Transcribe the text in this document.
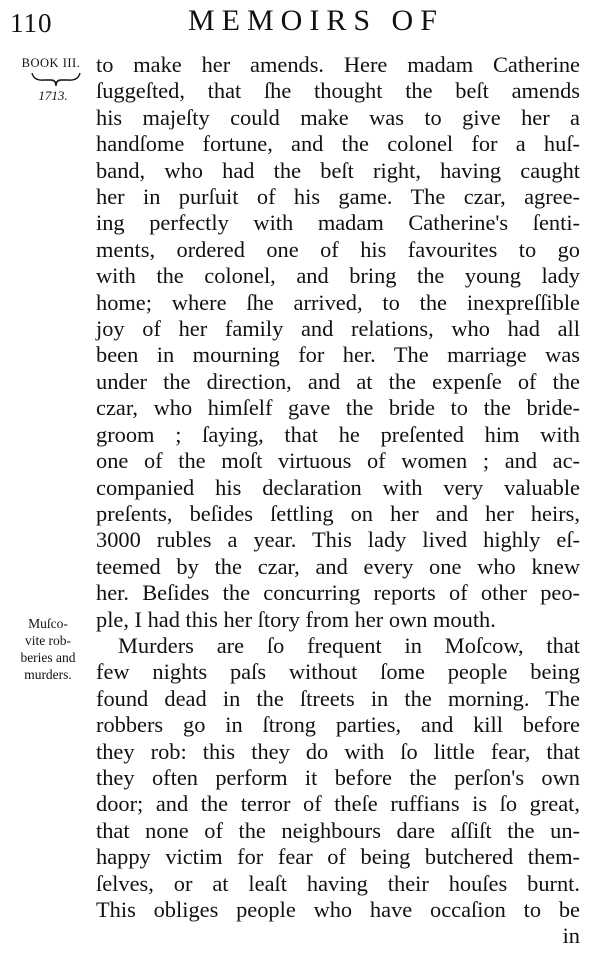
110	MEMOIRS OF
BOOK III.
1713.
Muſco-
vite rob-
beries and
murders.
to make her amends. Here madam Catherine
ſuggeſted, that ſhe thought the beſt amends
his majeſty could make was to give her a
handſome fortune, and the colonel for a huſ-
band, who had the beſt right, having caught
her in purſuit of his game. The czar, agree-
ing perfectly with madam Catherine's ſenti-
ments, ordered one of his favourites to go
with the colonel, and bring the young lady
home; where ſhe arrived, to the inexpreſſible
joy of her family and relations, who had all
been in mourning for her. The marriage was
under the direction, and at the expenſe of the
czar, who himſelf gave the bride to the bride-
groom ; ſaying, that he preſented him with
one of the moſt virtuous of women ; and ac-
companied his declaration with very valuable
preſents, beſides ſettling on her and her heirs,
3000 rubles a year. This lady lived highly eſ-
teemed by the czar, and every one who knew
her. Beſides the concurring reports of other peo-
ple, I had this her ſtory from her own mouth.
Murders are ſo frequent in Moſcow, that
few nights paſs without ſome people being
found dead in the ſtreets in the morning. The
robbers go in ſtrong parties, and kill before
they rob: this they do with ſo little fear, that
they often perform it before the perſon's own
door; and the terror of theſe ruffians is ſo great,
that none of the neighbours dare aſſiſt the un-
happy victim for fear of being butchered them-
ſelves, or at leaſt having their houſes burnt.
This obliges people who have occaſion to be
in
